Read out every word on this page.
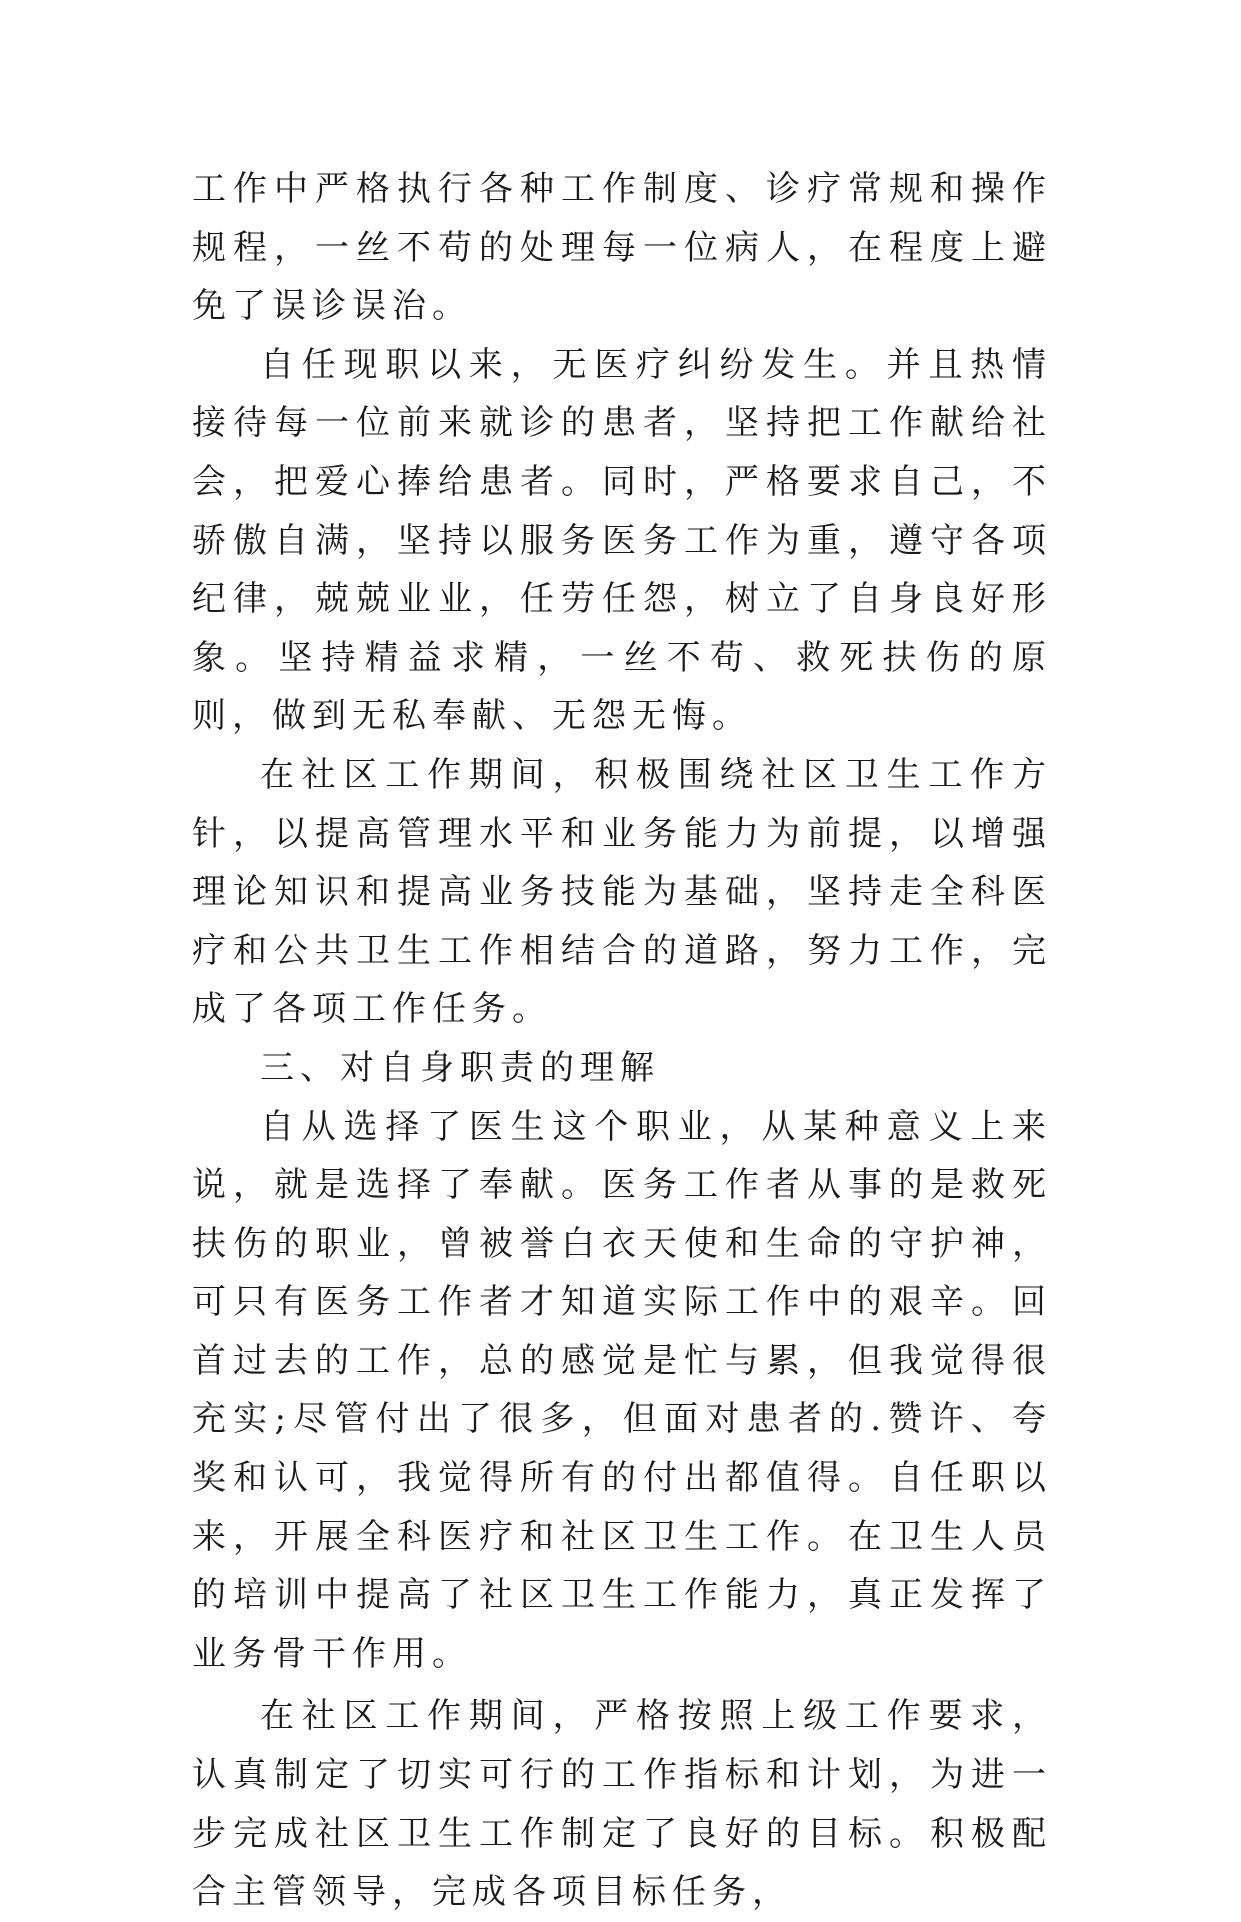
工作中严格执行各种工作制度、诊疗常规和操作规程，一丝不苟的处理每一位病人，在程度上避免了误诊误治。

自任现职以来，无医疗纠纷发生。并且热情接待每一位前来就诊的患者，坚持把工作献给社会，把爱心捧给患者。同时，严格要求自己，不骄傲自满，坚持以服务医务工作为重，遵守各项纪律，兢兢业业，任劳任怨，树立了自身良好形象。坚持精益求精，一丝不苟、救死扶伤的原则，做到无私奉献、无怨无悔。

在社区工作期间，积极围绕社区卫生工作方针，以提高管理水平和业务能力为前提，以增强理论知识和提高业务技能为基础，坚持走全科医疗和公共卫生工作相结合的道路，努力工作，完成了各项工作任务。

三、对自身职责的理解

自从选择了医生这个职业，从某种意义上来说，就是选择了奉献。医务工作者从事的是救死扶伤的职业，曾被誉白衣天使和生命的守护神，可只有医务工作者才知道实际工作中的艰辛。回首过去的工作，总的感觉是忙与累，但我觉得很充实;尽管付出了很多，但面对患者的.赞许、夸奖和认可，我觉得所有的付出都值得。自任职以来，开展全科医疗和社区卫生工作。在卫生人员的培训中提高了社区卫生工作能力，真正发挥了业务骨干作用。

在社区工作期间，严格按照上级工作要求，认真制定了切实可行的工作指标和计划，为进一步完成社区卫生工作制定了良好的目标。积极配合主管领导，完成各项目标任务，
